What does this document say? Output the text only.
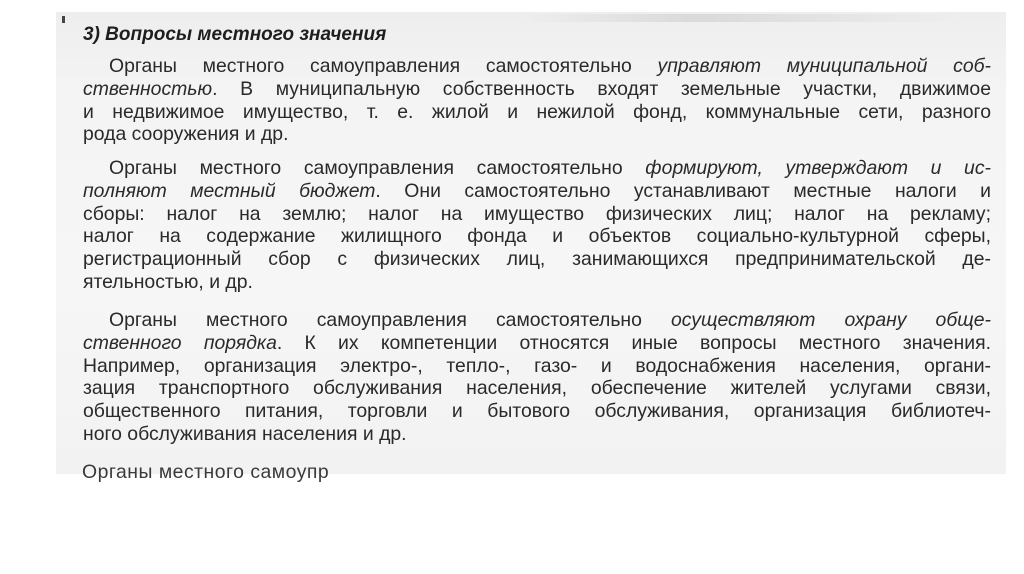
3) Вопросы местного значения
Органы местного самоуправления самостоятельно управляют муниципальной соб-
ственностью. В муниципальную собственность входят земельные участки, движимое
и недвижимое имущество, т. е. жилой и нежилой фонд, коммунальные сети, разного
рода сооружения и др.
Органы местного самоуправления самостоятельно формируют, утверждают и ис-
полняют местный бюджет. Они самостоятельно устанавливают местные налоги и
сборы: налог на землю; налог на имущество физических лиц; налог на рекламу;
налог на содержание жилищного фонда и объектов социально-культурной сферы,
регистрационный сбор с физических лиц, занимающихся предпринимательской де-
ятельностью, и др.
Органы местного самоуправления самостоятельно осуществляют охрану обще-
ственного порядка. К их компетенции относятся иные вопросы местного значения.
Например, организация электро-, тепло-, газо- и водоснабжения населения, органи-
зация транспортного обслуживания населения, обеспечение жителей услугами связи,
общественного питания, торговли и бытового обслуживания, организация библиотеч-
ного обслуживания населения и др.
Органы местного самоупр
